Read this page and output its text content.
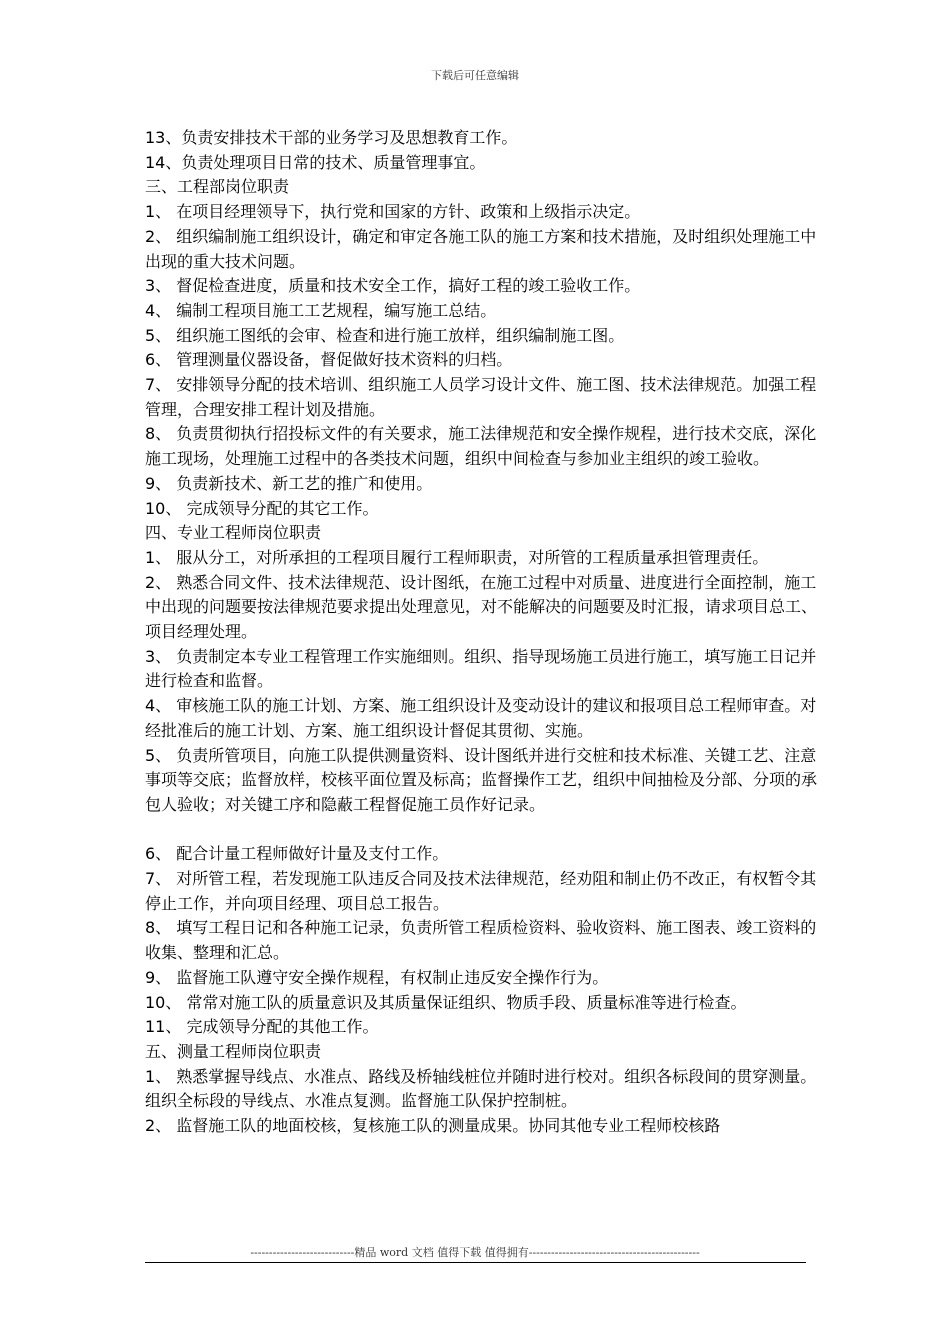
下载后可任意编辑

13、负责安排技术干部的业务学习及思想教育工作。

14、负责处理项目日常的技术、质量管理事宜。

三、工程部岗位职责

1、 在项目经理领导下，执行党和国家的方针、政策和上级指示决定。

2、 组织编制施工组织设计，确定和审定各施工队的施工方案和技术措施，及时组织处理施工中出现的重大技术问题。

3、 督促检查进度，质量和技术安全工作，搞好工程的竣工验收工作。

4、 编制工程项目施工工艺规程，编写施工总结。

5、 组织施工图纸的会审、检查和进行施工放样，组织编制施工图。

6、 管理测量仪器设备，督促做好技术资料的归档。

7、 安排领导分配的技术培训、组织施工人员学习设计文件、施工图、技术法律规范。加强工程管理，合理安排工程计划及措施。

8、 负责贯彻执行招投标文件的有关要求，施工法律规范和安全操作规程，进行技术交底，深化施工现场，处理施工过程中的各类技术问题，组织中间检查与参加业主组织的竣工验收。

9、 负责新技术、新工艺的推广和使用。

10、 完成领导分配的其它工作。

四、专业工程师岗位职责

1、 服从分工，对所承担的工程项目履行工程师职责，对所管的工程质量承担管理责任。

2、 熟悉合同文件、技术法律规范、设计图纸，在施工过程中对质量、进度进行全面控制，施工中出现的问题要按法律规范要求提出处理意见，对不能解决的问题要及时汇报，请求项目总工、项目经理处理。

3、 负责制定本专业工程管理工作实施细则。组织、指导现场施工员进行施工，填写施工日记并进行检查和监督。

4、 审核施工队的施工计划、方案、施工组织设计及变动设计的建议和报项目总工程师审查。对经批准后的施工计划、方案、施工组织设计督促其贯彻、实施。

5、 负责所管项目，向施工队提供测量资料、设计图纸并进行交桩和技术标准、关键工艺、注意事项等交底；监督放样，校核平面位置及标高；监督操作工艺，组织中间抽检及分部、分项的承包人验收；对关键工序和隐蔽工程督促施工员作好记录。

6、 配合计量工程师做好计量及支付工作。

7、 对所管工程，若发现施工队违反合同及技术法律规范，经劝阻和制止仍不改正，有权暂令其停止工作，并向项目经理、项目总工报告。

8、 填写工程日记和各种施工记录，负责所管工程质检资料、验收资料、施工图表、竣工资料的收集、整理和汇总。

9、 监督施工队遵守安全操作规程，有权制止违反安全操作行为。

10、 常常对施工队的质量意识及其质量保证组织、物质手段、质量标准等进行检查。

11、 完成领导分配的其他工作。

五、测量工程师岗位职责

1、 熟悉掌握导线点、水准点、路线及桥轴线桩位并随时进行校对。组织各标段间的贯穿测量。组织全标段的导线点、水准点复测。监督施工队保护控制桩。

2、 监督施工队的地面校核，复核施工队的测量成果。协同其他专业工程师校核路

----------------------------精品 word 文档 值得下载 值得拥有----------------------------------------------
